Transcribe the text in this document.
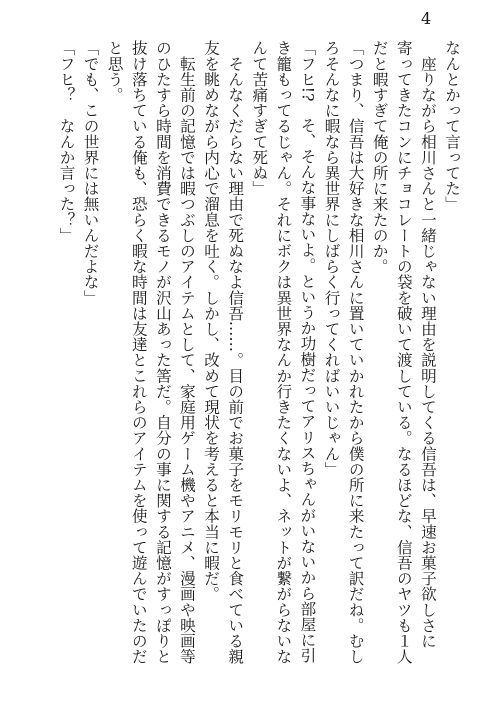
4
なんとかって言ってた」
　座りながら相川さんと一緒じゃない理由を説明してくる信吾は、早速お菓子欲しさに
寄ってきたコンにチョコレートの袋を破いて渡している。なるほどな、信吾のヤツも１人
だと暇すぎて俺の所に来たのか。
「つまり、信吾は大好きな相川さんに置いていかれたから僕の所に来たって訳だね。むし
ろそんなに暇なら異世界にしばらく行ってくればいいじゃん」
「フヒ!?　そ、そんな事ないよ。というか功樹だってアリスちゃんがいないから部屋に引
き籠もってるじゃん。それにボクは異世界なんか行きたくないよ、ネットが繋がらないな
んて苦痛すぎて死ぬ」
　そんなくだらない理由で死ぬなよ信吾……。目の前でお菓子をモリモリと食べている親
友を眺めながら内心で溜息を吐く。しかし、改めて現状を考えると本当に暇だ。
　転生前の記憶では暇つぶしのアイテムとして、家庭用ゲーム機やアニメ、漫画や映画等
のひたすら時間を消費できるモノが沢山あった筈だ。自分の事に関する記憶がすっぽりと
抜け落ちている俺も、恐らく暇な時間は友達とこれらのアイテムを使って遊んでいたのだ
と思う。
「でも、この世界には無いんだよな」
「フヒ？　なんか言った？」
